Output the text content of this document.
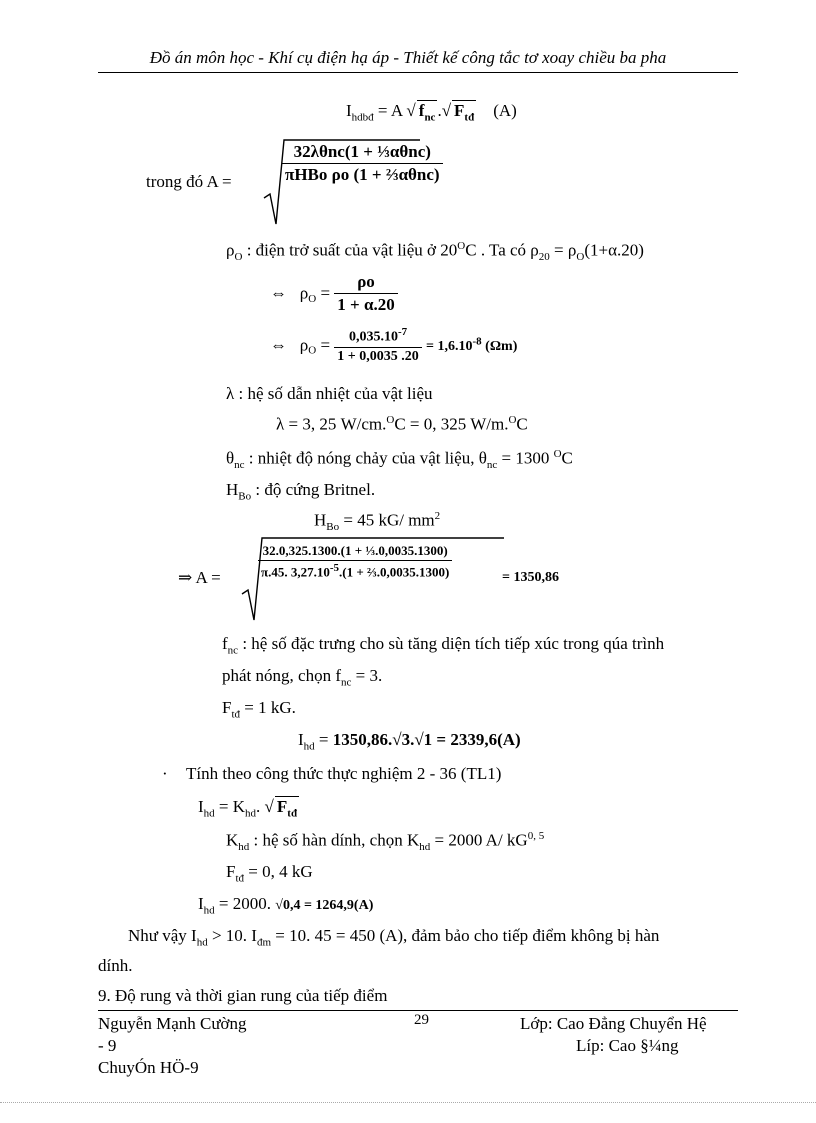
Đồ án môn học - Khí cụ điện hạ áp - Thiết kế công tắc tơ xoay chiều ba pha
$I_{hdbđ} = A$ √ $f_{nc}$ .√ $F_{tđ}$ (A)
trong đó A =	$\frac{\text{32λθnc(1 + ⅓αθnc)}}{\text{πHBo ρo (1 + ⅔αθnc)}}$
$\rho_O$ : điện trở suất của vật liệu ở $20^OC$ . Ta có $\rho_{20} = \rho_O(1+\alpha.20)$
⇔ $\rho_O = \frac{\rho o}{1 + \alpha.20}$
⇔ $\rho_O = \frac{0,035.10^{-7}}{1 + 0,0035 .20} = 1,6.10^{-8}$ (Ωm)
λ : hệ số dẫn nhiệt của vật liệu
λ = 3, 25 W/cm.$^O$C = 0, 325 W/m.$^O$C
$\theta_{nc}$ : nhiệt độ nóng chảy của vật liệu, $\theta_{nc} = 1300$ $^O$C
$H_{Bo}$ : độ cứng Britnel.
$H_{Bo} = 45$ kG/ $mm^2$
⇒ A =	$\frac{\text{32.0,325.1300.(1 + ⅓.0,0035.1300)}}{\pi.45. 3,27.10^{-5}.(1 + \frac{2}{3}.0,0035.1300)}$	= 1350,86
$f_{nc}$ : hệ số đặc trưng cho sù tăng diện tích tiếp xúc trong qúa trình
phát nóng, chọn $f_{nc} = 3$.
$F_{tđ} = 1$ kG.
$I_{hd} = 1350,86.√3.√1 = 2339,6(A)$
· Tính theo công thức thực nghiệm 2 - 36 (TL1)
$I_{hd} = K_{hd}$. √ $F_{tđ}$
$K_{hd}$ : hệ số hàn dính, chọn $K_{hd} = 2000$ A/ kG$^{0, 5}$
$F_{tđ} = 0$, 4 kG
$I_{hd} = 2000$. √0,4 = 1264,9(A)
Như vậy $I_{hd} > 10$. $I_{đm} = 10$. 45 = 450 (A), đảm bảo cho tiếp điểm không bị hàn
dính.
9. Độ rung và thời gian rung của tiếp điểm
Nguyễn Mạnh Cường
- 9
ChuyÓn HÖ-9
29	Lớp: Cao Đẳng Chuyển Hệ
Líp: Cao §¼ng
